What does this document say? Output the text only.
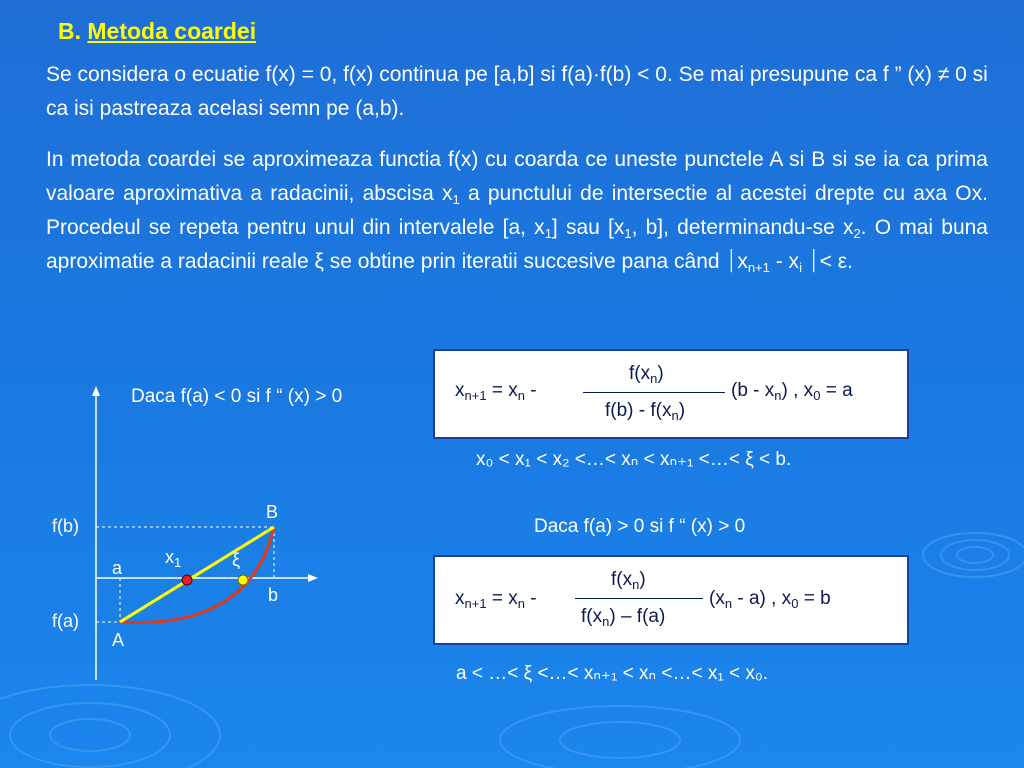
B. Metoda coardei
Se considera o ecuatie f(x) = 0, f(x) continua pe [a,b] si f(a)·f(b) < 0. Se mai presupune ca f ” (x) ≠ 0 si ca isi pastreaza acelasi semn pe (a,b).
In metoda coardei se aproximeaza functia f(x) cu coarda ce uneste punctele A si B si se ia ca prima valoare aproximativa a radacinii, abscisa $x_1$ a punctului de intersectie al acestei drepte cu axa Ox. Procedeul se repeta pentru unul din intervalele [a, $x_1$] sau [$x_1$, b], determinandu-se $x_2$. O mai buna aproximatie a radacinii reale ξ se obtine prin iteratii succesive pana când $⏐x_{n+1} - x_i$ ⏐< ε.
Daca f(a) < 0 si f “ (x) > 0
Daca f(a) > 0 si f “ (x) > 0
$x_{n+1} = x_n$ -
$f(x_n)$
$f(b) - f(x_n)$
$(b - x_n)$ , $x_0 = a$
$x_{n+1} = x_n$ -
$f(x_n)$
$f(x_n) - f(a)$
$(x_n - a)$ , $x_0 = b$
x₀ < x₁ < x₂ <…< xₙ < xₙ₊₁ <…< ξ < b.
a < …< ξ <…< xₙ₊₁ < xₙ <…< x₁ < x₀.
f(b)
f(a)
a
b
A
B
$x_1$	ξ
